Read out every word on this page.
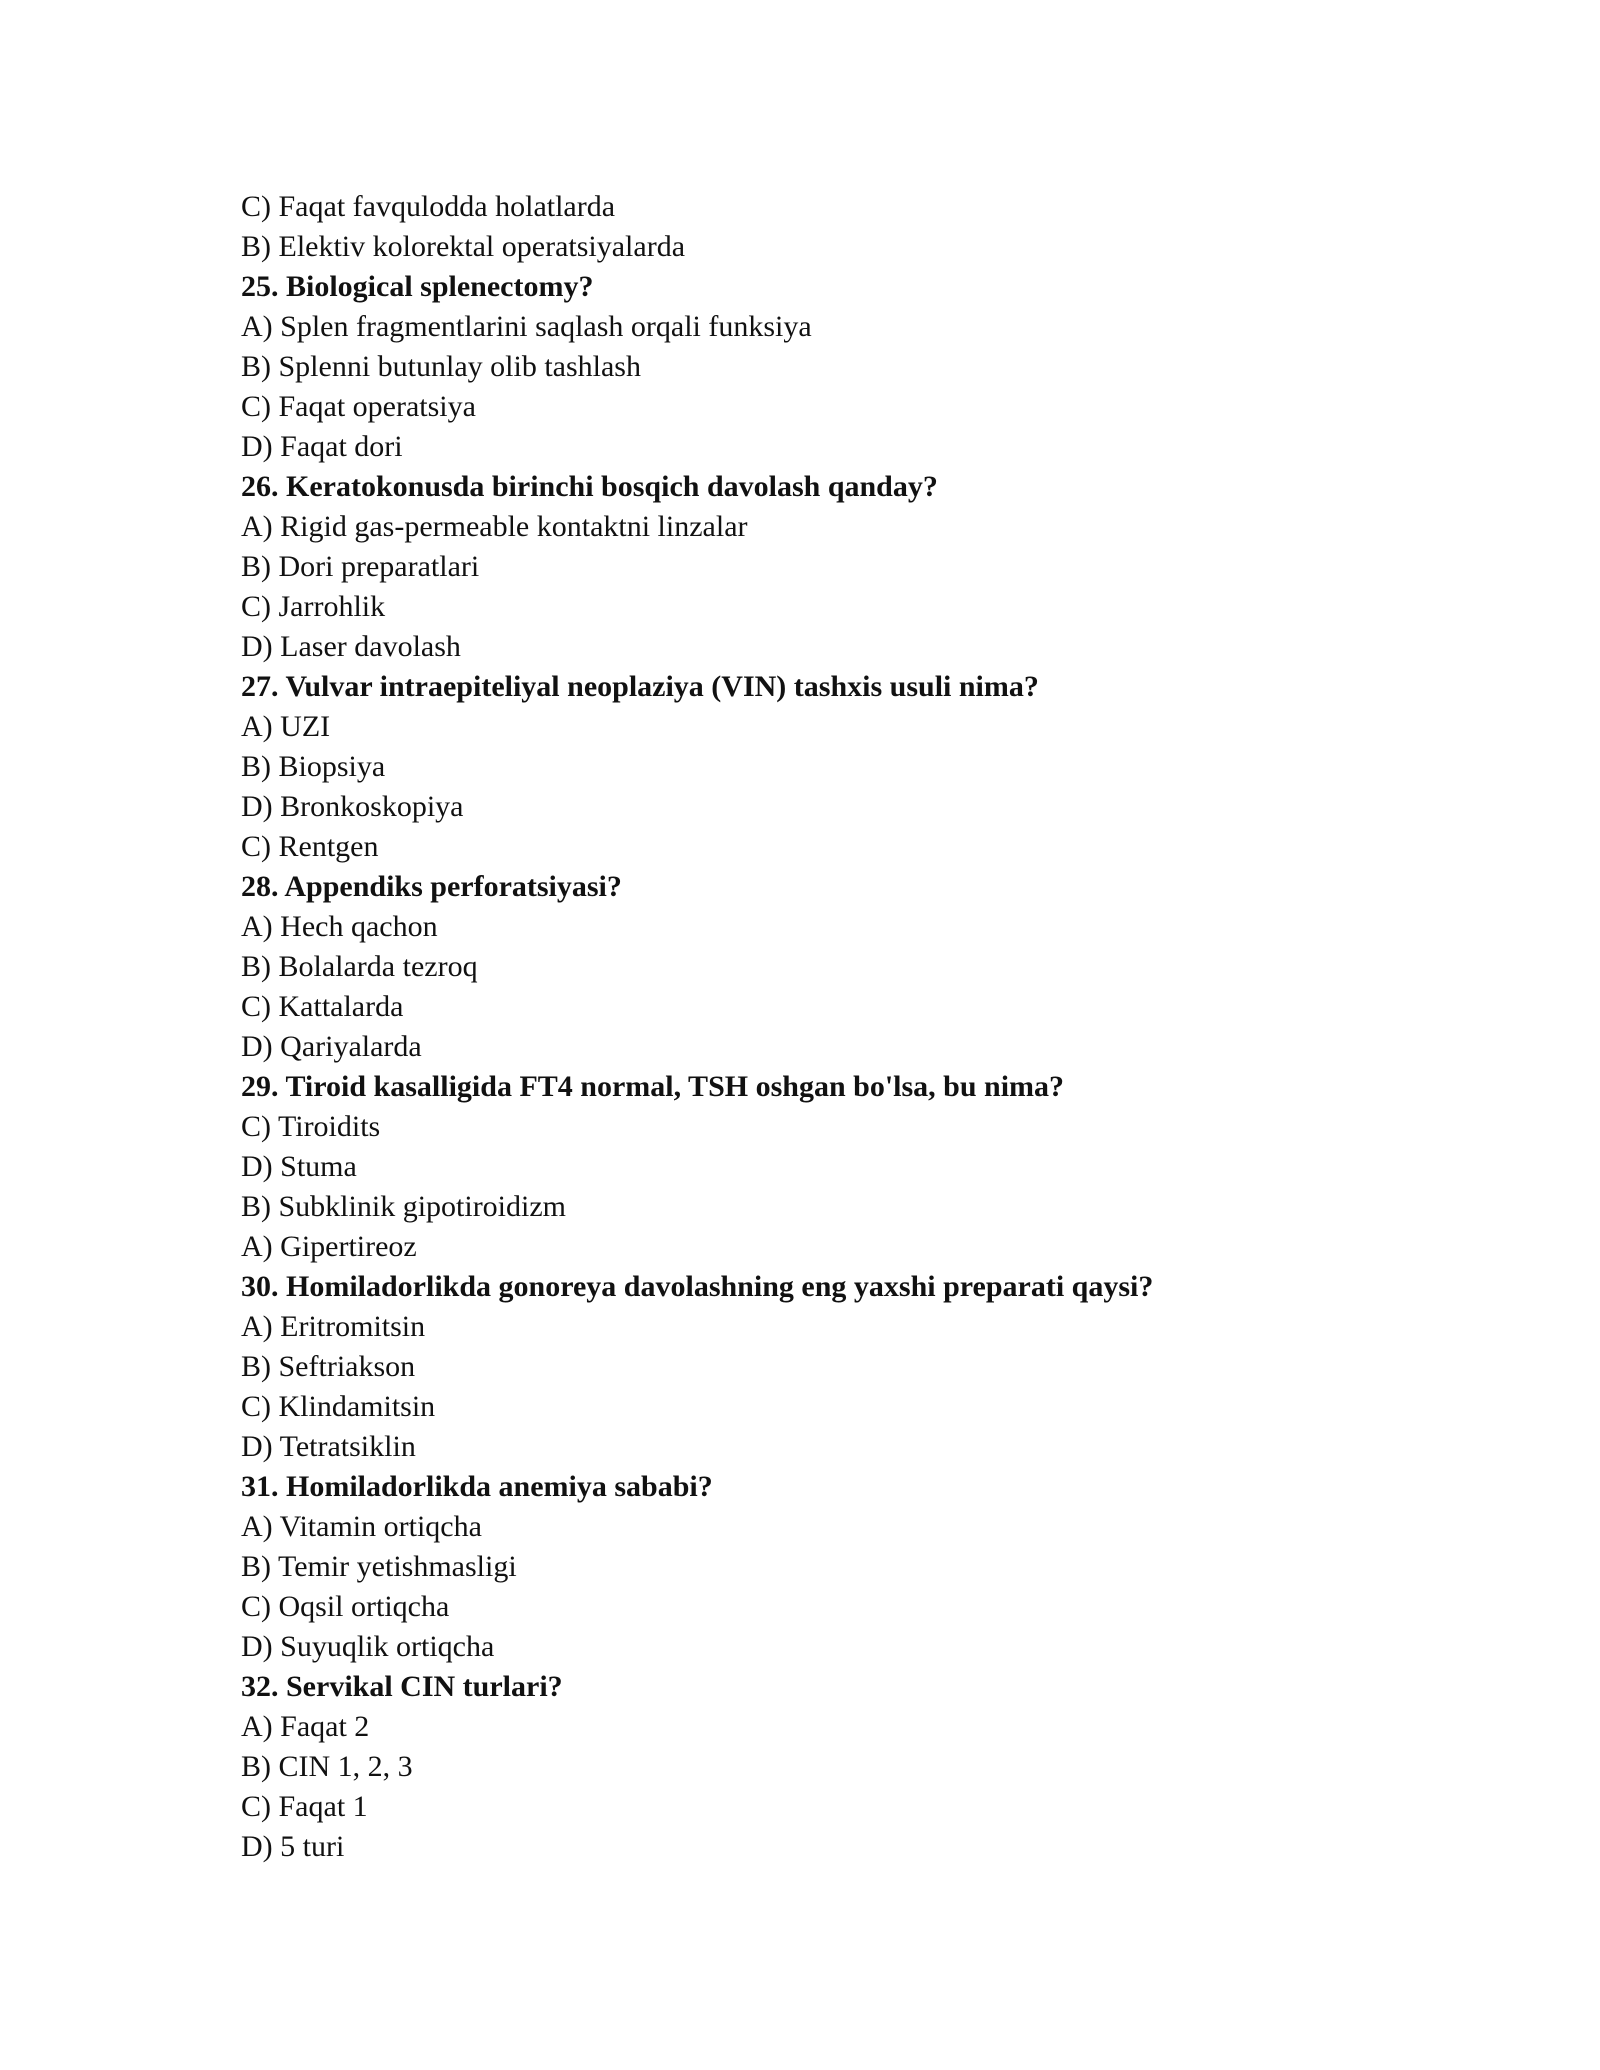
C) Faqat favqulodda holatlarda
B) Elektiv kolorektal operatsiyalarda
25. Biological splenectomy?
A) Splen fragmentlarini saqlash orqali funksiya
B) Splenni butunlay olib tashlash
C) Faqat operatsiya
D) Faqat dori
26. Keratokonusda birinchi bosqich davolash qanday?
A) Rigid gas-permeable kontaktni linzalar
B) Dori preparatlari
C) Jarrohlik
D) Laser davolash
27. Vulvar intraepiteliyal neoplaziya (VIN) tashxis usuli nima?
A) UZI
B) Biopsiya
D) Bronkoskopiya
C) Rentgen
28. Appendiks perforatsiyasi?
A) Hech qachon
B) Bolalarda tezroq
C) Kattalarda
D) Qariyalarda
29. Tiroid kasalligida FT4 normal, TSH oshgan bo'lsa, bu nima?
C) Tiroidits
D) Stuma
B) Subklinik gipotiroidizm
A) Gipertireoz
30. Homiladorlikda gonoreya davolashning eng yaxshi preparati qaysi?
A) Eritromitsin
B) Seftriakson
C) Klindamitsin
D) Tetratsiklin
31. Homiladorlikda anemiya sababi?
A) Vitamin ortiqcha
B) Temir yetishmasligi
C) Oqsil ortiqcha
D) Suyuqlik ortiqcha
32. Servikal CIN turlari?
A) Faqat 2
B) CIN 1, 2, 3
C) Faqat 1
D) 5 turi
